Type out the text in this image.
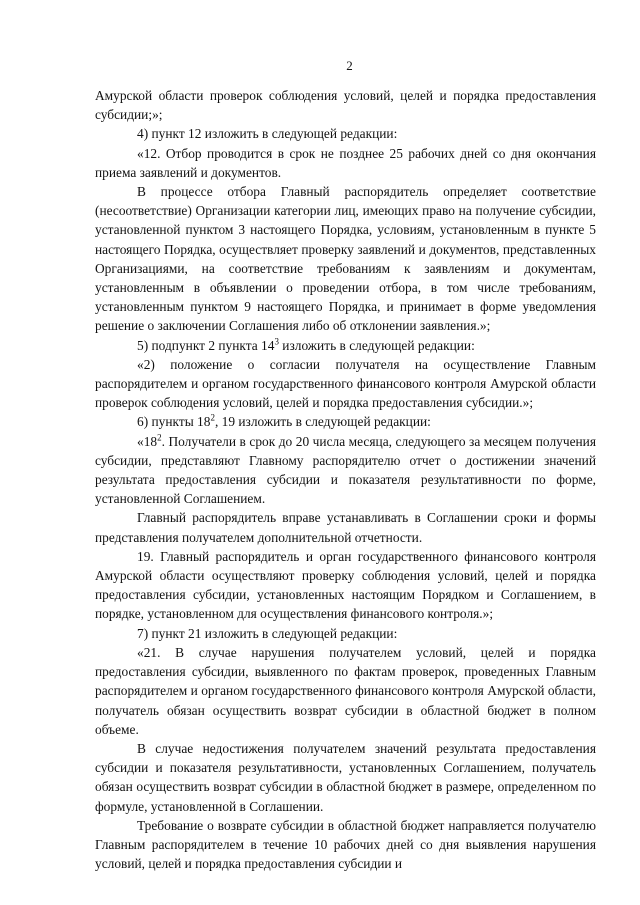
2

Амурской области проверок соблюдения условий, целей и порядка предоставления субсидии;»;

4) пункт 12 изложить в следующей редакции:

«12. Отбор проводится в срок не позднее 25 рабочих дней со дня окончания приема заявлений и документов.

В процессе отбора Главный распорядитель определяет соответствие (несоответствие) Организации категории лиц, имеющих право на получение субсидии, установленной пунктом 3 настоящего Порядка, условиям, установленным в пункте 5 настоящего Порядка, осуществляет проверку заявлений и документов, представленных Организациями, на соответствие требованиям к заявлениям и документам, установленным в объявлении о проведении отбора, в том числе требованиям, установленным пунктом 9 настоящего Порядка, и принимает в форме уведомления решение о заключении Соглашения либо об отклонении заявления.»;

5) подпункт 2 пункта $14^3$ изложить в следующей редакции:

«2) положение о согласии получателя на осуществление Главным распорядителем и органом государственного финансового контроля Амурской области проверок соблюдения условий, целей и порядка предоставления субсидии.»;

6) пункты $18^2$, 19 изложить в следующей редакции:

«$18^2$. Получатели в срок до 20 числа месяца, следующего за месяцем получения субсидии, представляют Главному распорядителю отчет о достижении значений результата предоставления субсидии и показателя результативности по форме, установленной Соглашением.

Главный распорядитель вправе устанавливать в Соглашении сроки и формы представления получателем дополнительной отчетности.

19. Главный распорядитель и орган государственного финансового контроля Амурской области осуществляют проверку соблюдения условий, целей и порядка предоставления субсидии, установленных настоящим Порядком и Соглашением, в порядке, установленном для осуществления финансового контроля.»;

7) пункт 21 изложить в следующей редакции:

«21. В случае нарушения получателем условий, целей и порядка предоставления субсидии, выявленного по фактам проверок, проведенных Главным распорядителем и органом государственного финансового контроля Амурской области, получатель обязан осуществить возврат субсидии в областной бюджет в полном объеме.

В случае недостижения получателем значений результата предоставления субсидии и показателя результативности, установленных Соглашением, получатель обязан осуществить возврат субсидии в областной бюджет в размере, определенном по формуле, установленной в Соглашении.

Требование о возврате субсидии в областной бюджет направляется получателю Главным распорядителем в течение 10 рабочих дней со дня выявления нарушения условий, целей и порядка предоставления субсидии и
